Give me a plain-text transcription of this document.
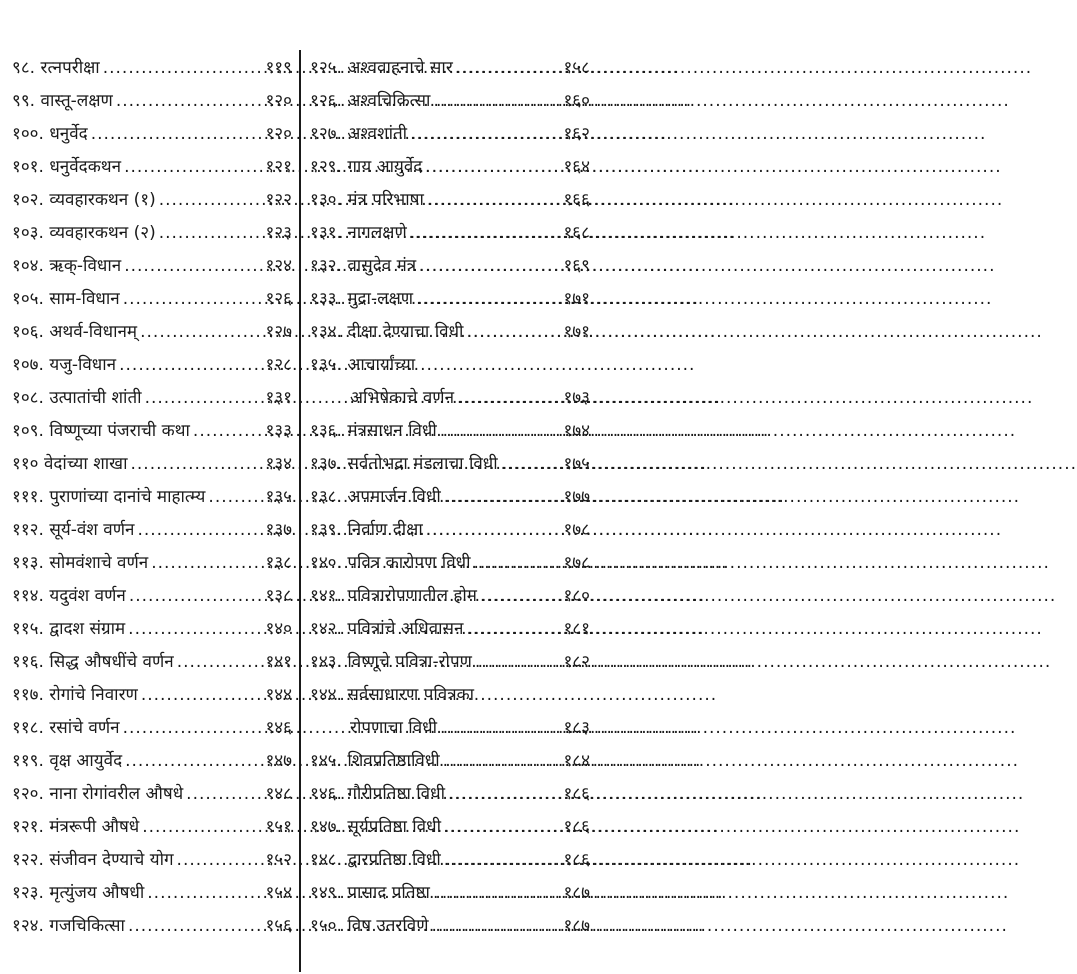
९८. रत्नपरीक्षा .....	११९
९९. वास्तू-लक्षण .....	१२०
१००. धनुर्वेद .....	१२०
१०१. धनुर्वेदकथन .....	१२१
१०२. व्यवहारकथन (१) .....	१२२
१०३. व्यवहारकथन (२) .....	१२३
१०४. ऋक्-विधान .....	१२४
१०५. साम-विधान .....	१२६
१०६. अथर्व-विधानम् .....	१२७
१०७. यजु-विधान .....	१२८
१०८. उत्पातांची शांती .....	१३१
१०९. विष्णूच्या पंजराची कथा .....	१३३
११० वेदांच्या शाखा .....	१३४
१११. पुराणांच्या दानांचे माहात्म्य .....	१३५
११२. सूर्य-वंश वर्णन .....	१३७
११३. सोमवंशाचे वर्णन .....	१३८
११४. यदुवंश वर्णन .....	१३८
११५. द्वादश संग्राम .....	१४०
११६. सिद्ध औषधींचे वर्णन .....	१४१
११७. रोगांचे निवारण .....	१४४
११८. रसांचे वर्णन .....	१४६
११९. वृक्ष आयुर्वेद .....	१४७
१२०. नाना रोगांवरील औषधे .....	१४८
१२१. मंत्ररूपी औषधे .....	१५१
१२२. संजीवन देण्याचे योग .....	१५२
१२३. मृत्युंजय औषधी .....	१५४
१२४. गजचिकित्सा .....	१५६
१२५. अश्ववाहनाचे सार .....	१५८
१२६. अश्वचिकित्सा .....	१६०
१२७. अश्वशांती .....	१६२
१२९. गाय आयुर्वेद .....	१६४
१३०. मंत्र परिभाषा .....	१६६
१३१. नागलक्षणे .....	१६८
१३२. वासुदेव मंत्र .....	१६९
१३३. मुद्रा-लक्षण .....	१७१
१३४. दीक्षा देण्याचा विधी .....	१७१
१३५. आचार्यांच्या
अभिषेकाचे वर्णन .....	१७३
१३६. मंत्रसाधन विधी .....	१७४
१३७. सर्वतोभद्रा मंडलाचा विधी .....	१७५
१३८. अपमार्जन विधी .....	१७७
१३९. निर्वाण दीक्षा .....	१७८
१४०. पवित्र कारोपण विधी .....	१७८
१४१. पवित्रारोपणातील होम .....	१८०
१४२. पवित्रांचे अधिवासन .....	१८१
१४३. विष्णूचे पवित्रा-रोपण .....	१८२
१४४. सर्वसाधारण पवित्रका
रोपणाचा विधी .....	१८३
१४५. शिवप्रतिष्ठाविधी .....	१८४
१४६. गौरीप्रतिष्ठा विधी .....	१८६
१४७. सूर्यप्रतिष्ठा विधी .....	१८६
१४८. द्वारप्रतिष्ठा विधी .....	१८६
१४९. प्रासाद प्रतिष्ठा .....	१८७
१५०. विष उतरविणे .....	१८७
